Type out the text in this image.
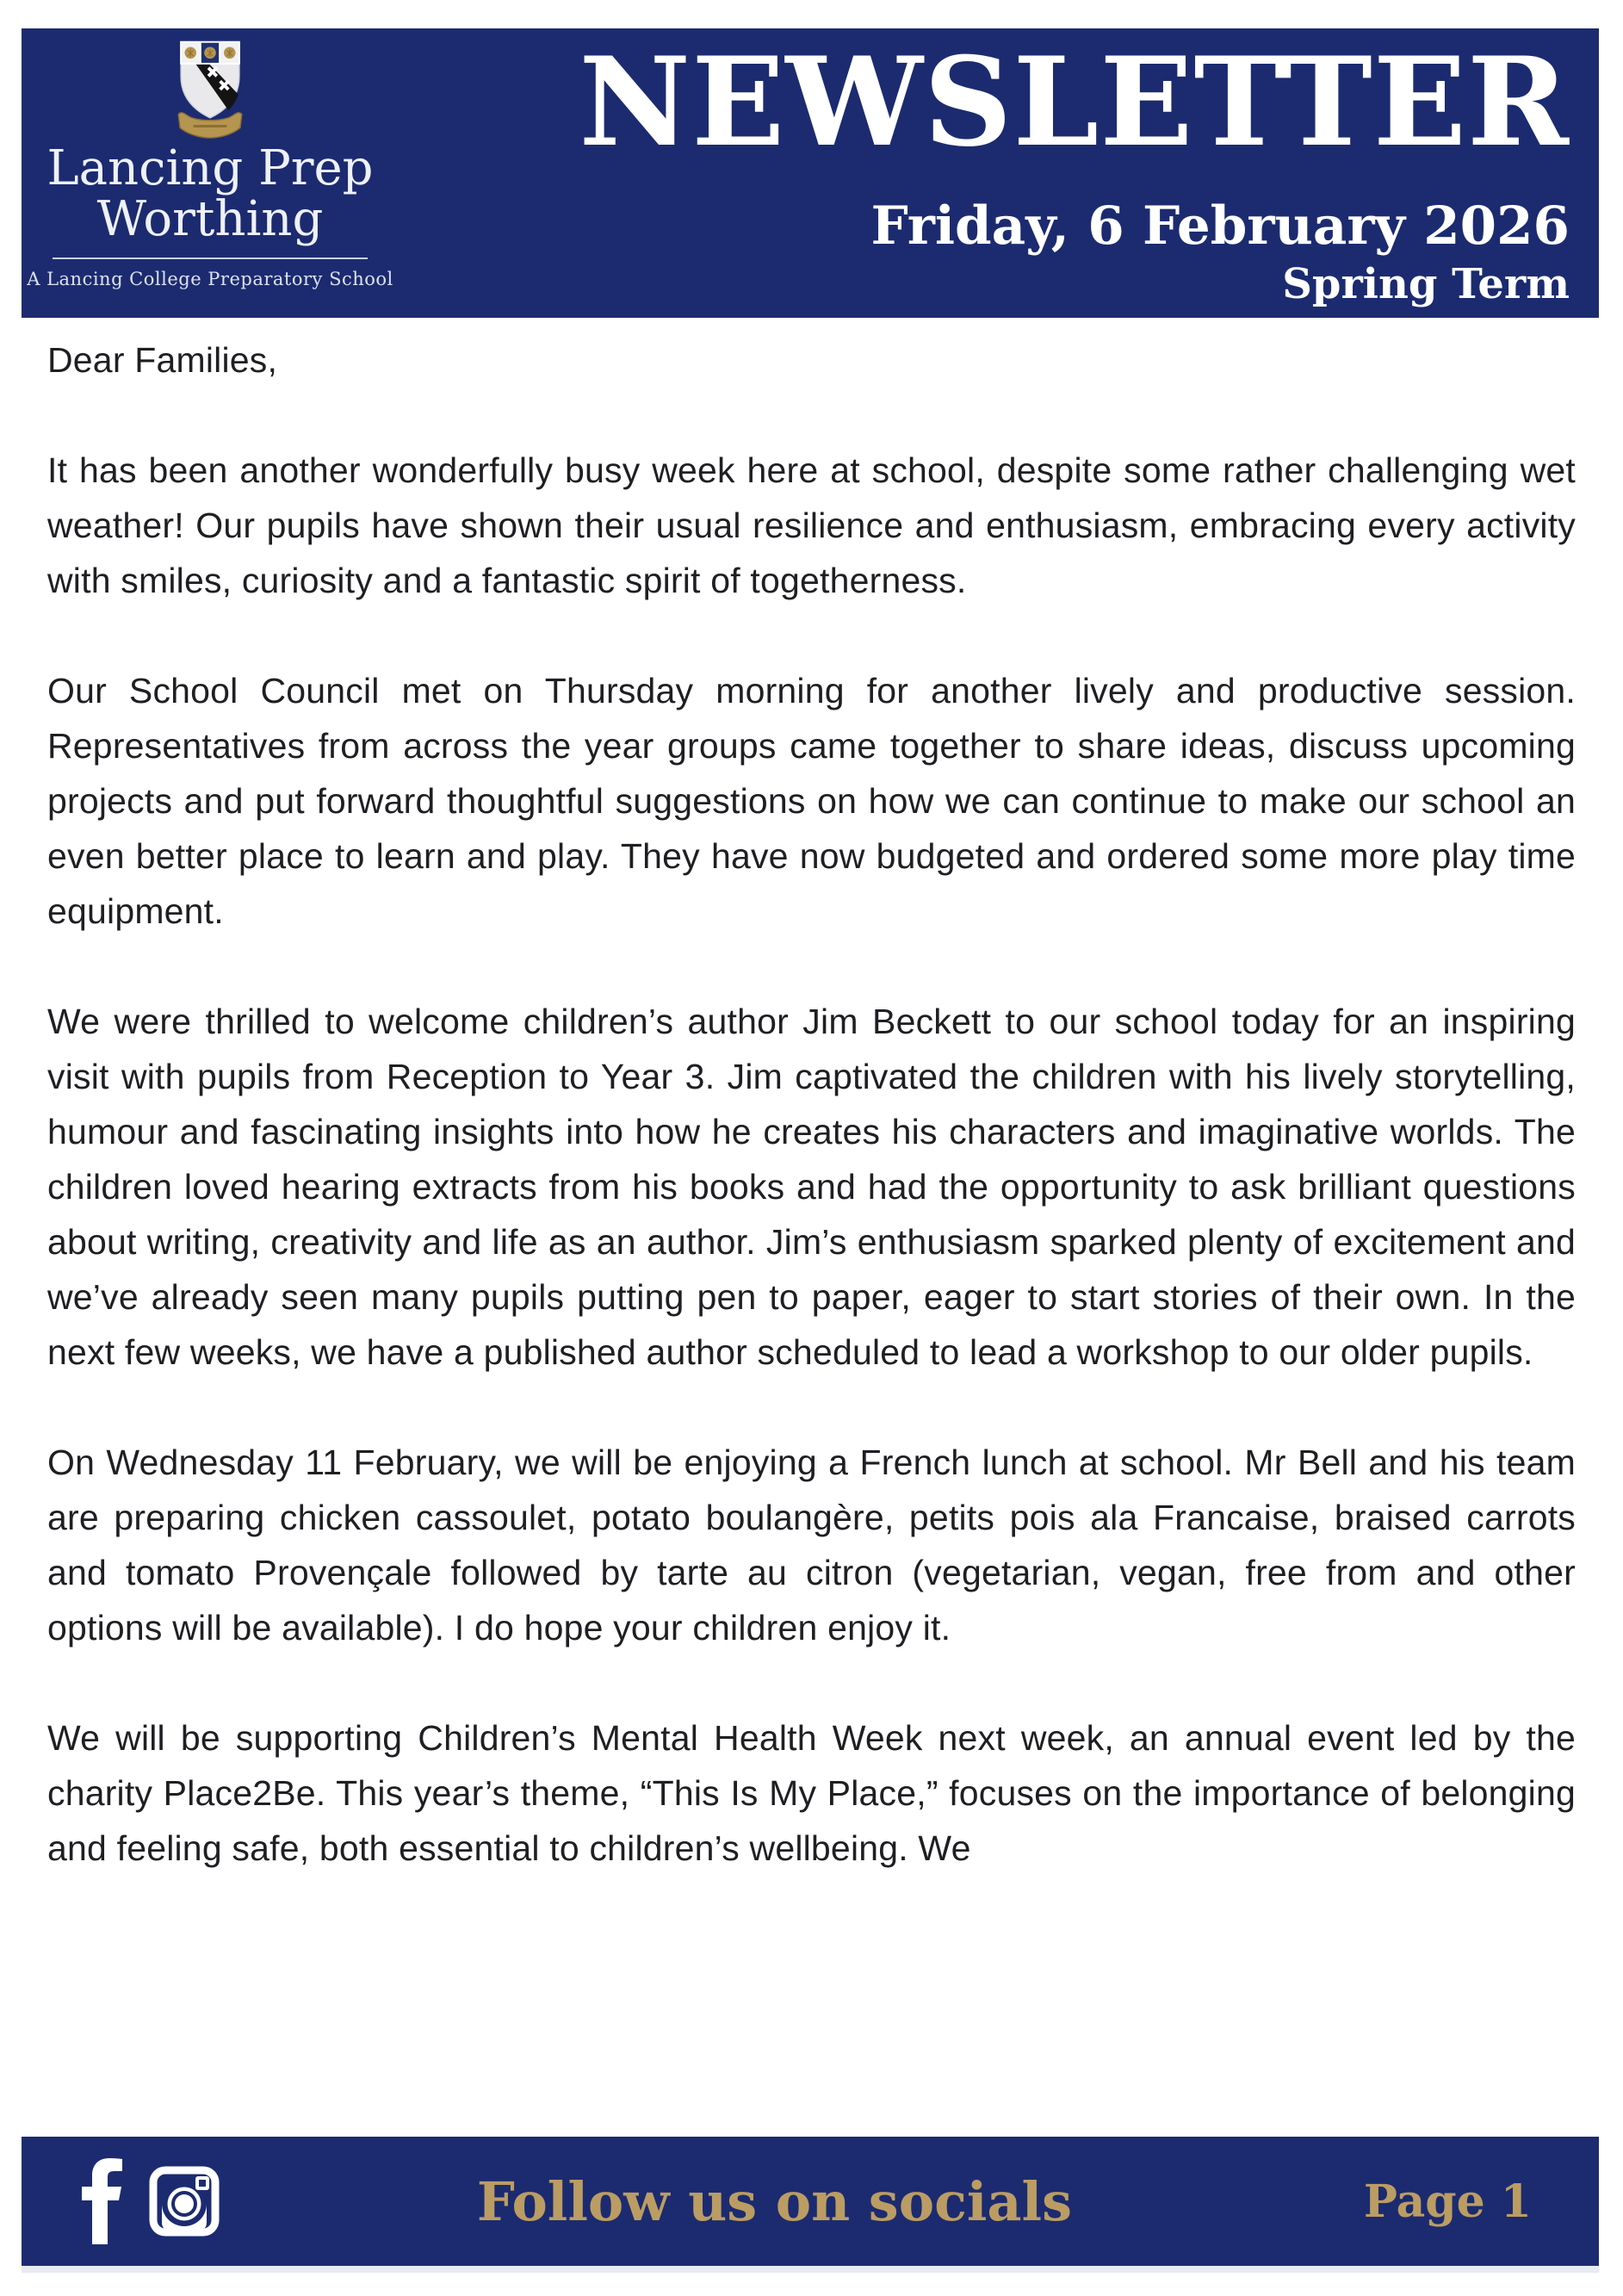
Lancing Prep
Worthing
A Lancing College Preparatory School
NEWSLETTER
Friday, 6 February 2026
Spring Term

Dear Families,

It has been another wonderfully busy week here at school, despite some rather challenging wet weather! Our pupils have shown their usual resilience and enthusiasm, embracing every activity with smiles, curiosity and a fantastic spirit of togetherness.

Our School Council met on Thursday morning for another lively and productive session. Representatives from across the year groups came together to share ideas, discuss upcoming projects and put forward thoughtful suggestions on how we can continue to make our school an even better place to learn and play. They have now budgeted and ordered some more play time equipment.

We were thrilled to welcome children’s author Jim Beckett to our school today for an inspiring visit with pupils from Reception to Year 3. Jim captivated the children with his lively storytelling, humour and fascinating insights into how he creates his characters and imaginative worlds. The children loved hearing extracts from his books and had the opportunity to ask brilliant questions about writing, creativity and life as an author. Jim’s enthusiasm sparked plenty of excitement and we’ve already seen many pupils putting pen to paper, eager to start stories of their own. In the next few weeks, we have a published author scheduled to lead a workshop to our older pupils.

On Wednesday 11 February, we will be enjoying a French lunch at school. Mr Bell and his team are preparing chicken cassoulet, potato boulangère, petits pois ala Francaise, braised carrots and tomato Provençale followed by tarte au citron (vegetarian, vegan, free from and other options will be available). I do hope your children enjoy it.

We will be supporting Children’s Mental Health Week next week, an annual event led by the charity Place2Be. This year’s theme, “This Is My Place,” focuses on the importance of belonging and feeling safe, both essential to children’s wellbeing. We

Follow us on socials	Page 1
